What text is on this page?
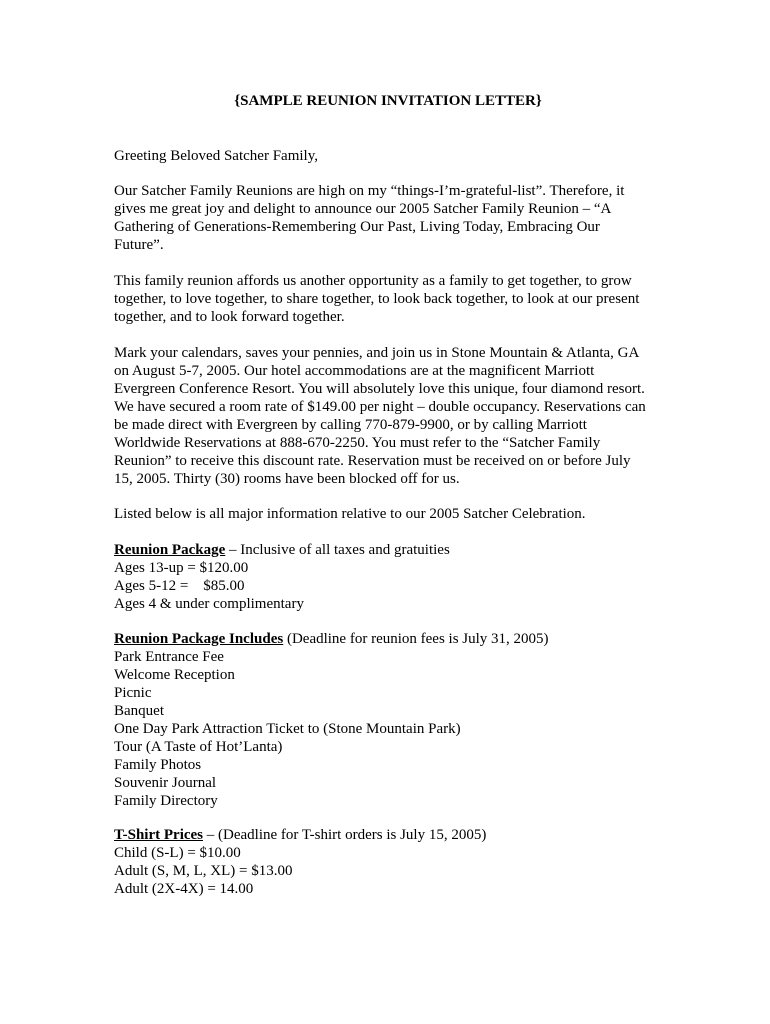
{SAMPLE REUNION INVITATION LETTER}
Greeting Beloved Satcher Family,
Our Satcher Family Reunions are high on my “things-I’m-grateful-list”. Therefore, it
gives me great joy and delight to announce our 2005 Satcher Family Reunion – “A
Gathering of Generations-Remembering Our Past, Living Today, Embracing Our
Future”.
This family reunion affords us another opportunity as a family to get together, to grow
together, to love together, to share together, to look back together, to look at our present
together, and to look forward together.
Mark your calendars, saves your pennies, and join us in Stone Mountain & Atlanta, GA
on August 5-7, 2005. Our hotel accommodations are at the magnificent Marriott
Evergreen Conference Resort. You will absolutely love this unique, four diamond resort.
We have secured a room rate of $149.00 per night – double occupancy. Reservations can
be made direct with Evergreen by calling 770-879-9900, or by calling Marriott
Worldwide Reservations at 888-670-2250. You must refer to the “Satcher Family
Reunion” to receive this discount rate. Reservation must be received on or before July
15, 2005. Thirty (30) rooms have been blocked off for us.
Listed below is all major information relative to our 2005 Satcher Celebration.
Reunion Package – Inclusive of all taxes and gratuities
Ages 13-up = $120.00
Ages 5-12 =    $85.00
Ages 4 & under complimentary
Reunion Package Includes (Deadline for reunion fees is July 31, 2005)
Park Entrance Fee
Welcome Reception
Picnic
Banquet
One Day Park Attraction Ticket to (Stone Mountain Park)
Tour (A Taste of Hot’Lanta)
Family Photos
Souvenir Journal
Family Directory
T-Shirt Prices – (Deadline for T-shirt orders is July 15, 2005)
Child (S-L) = $10.00
Adult (S, M, L, XL) = $13.00
Adult (2X-4X) = 14.00
